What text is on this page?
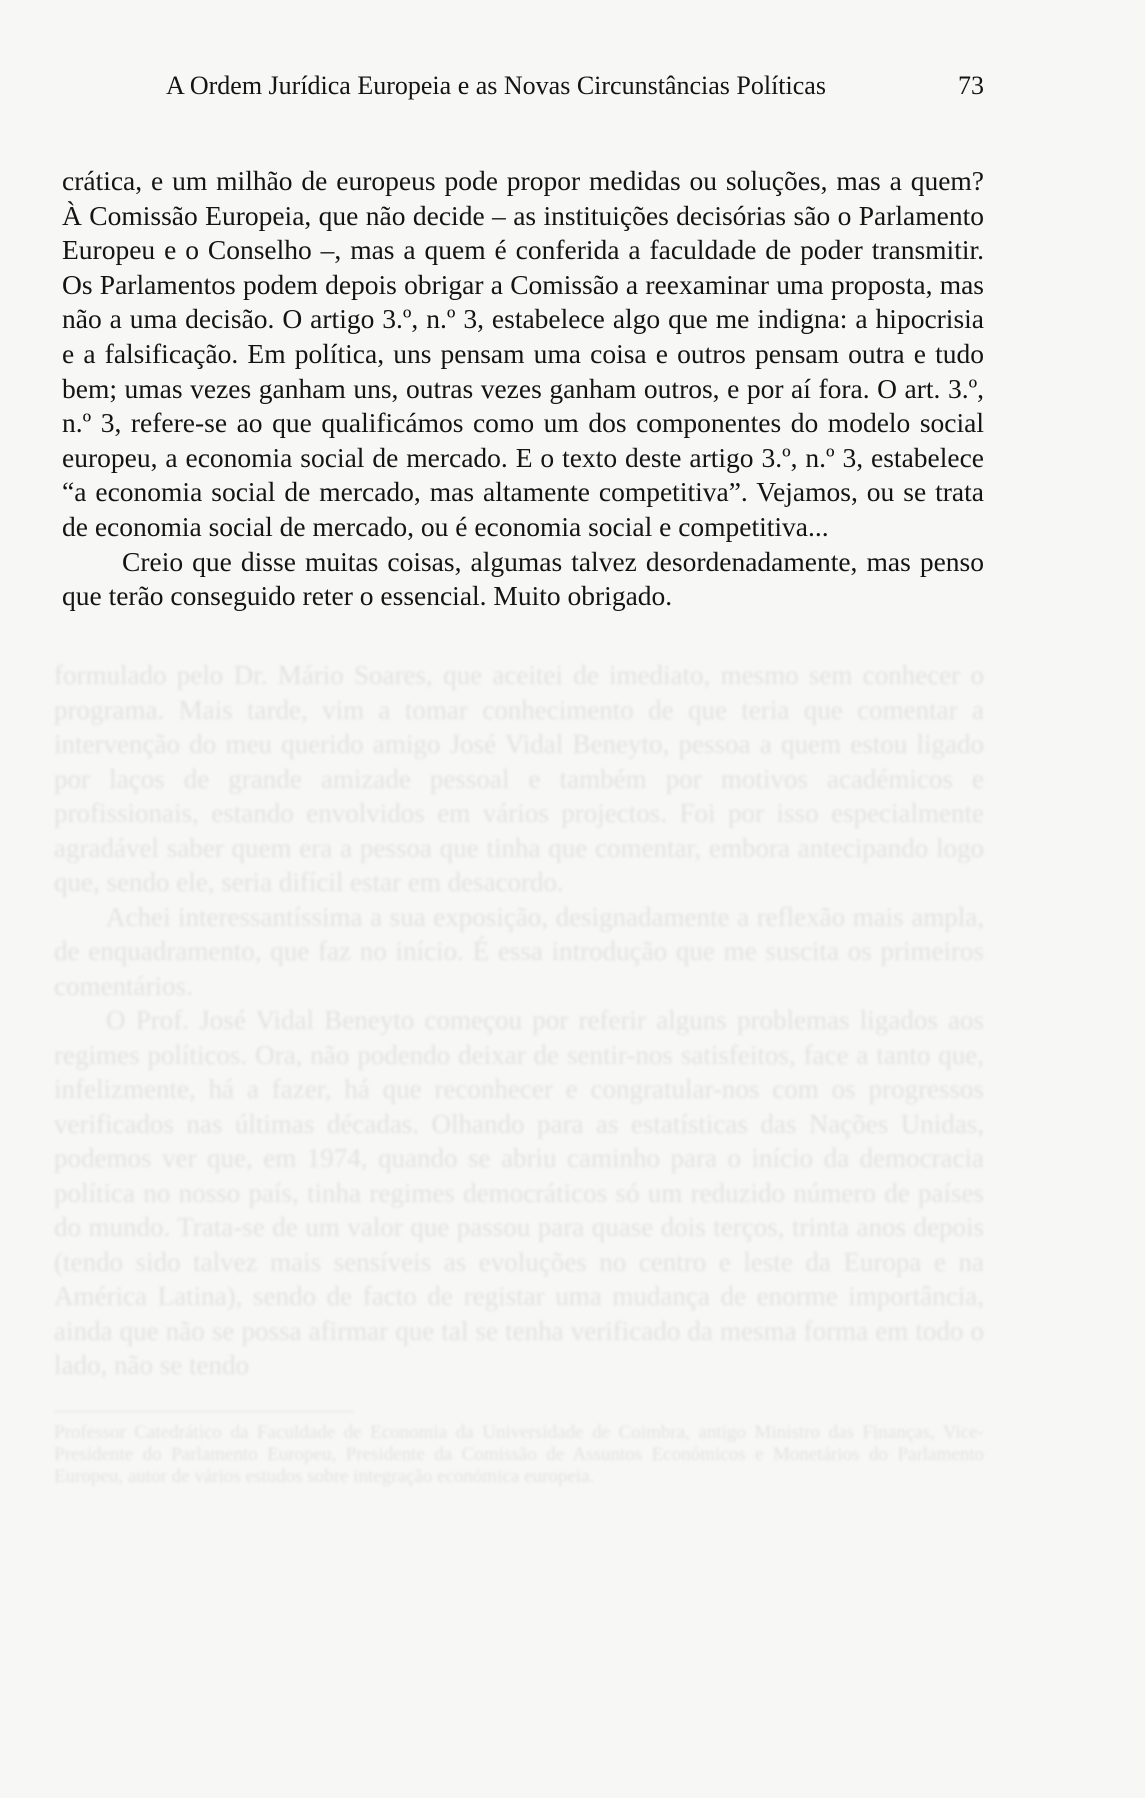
A Ordem Jurídica Europeia e as Novas Circunstâncias Políticas	73

formulado pelo Dr. Mário Soares, que aceitei de imediato, mesmo sem conhecer o programa. Mais tarde, vim a tomar conhecimento de que teria que comentar a intervenção do meu querido amigo José Vidal Beneyto, pessoa a quem estou ligado por laços de grande amizade pessoal e também por motivos académicos e profissionais, estando envolvidos em vários projectos. Foi por isso especialmente agradável saber quem era a pessoa que tinha que comentar, embora antecipando logo que, sendo ele, seria difícil estar em desacordo.

Achei interessantíssima a sua exposição, designadamente a reflexão mais ampla, de enquadramento, que faz no início. É essa introdução que me suscita os primeiros comentários.

O Prof. José Vidal Beneyto começou por referir alguns problemas ligados aos regimes políticos. Ora, não podendo deixar de sentir-nos satisfeitos, face a tanto que, infelizmente, há a fazer, há que reconhecer e congratular-nos com os progressos verificados nas últimas décadas. Olhando para as estatísticas das Nações Unidas, podemos ver que, em 1974, quando se abriu caminho para o início da democracia política no nosso país, tinha regimes democráticos só um reduzido número de países do mundo. Trata-se de um valor que passou para quase dois terços, trinta anos depois (tendo sido talvez mais sensíveis as evoluções no centro e leste da Europa e na América Latina), sendo de facto de registar uma mudança de enorme importância, ainda que não se possa afirmar que tal se tenha verificado da mesma forma em todo o lado, não se tendo

Professor Catedrático da Faculdade de Economia da Universidade de Coimbra, antigo Ministro das Finanças, Vice-Presidente do Parlamento Europeu, Presidente da Comissão de Assuntos Económicos e Monetários do Parlamento Europeu, autor de vários estudos sobre integração económica europeia.

crática, e um milhão de europeus pode propor medidas ou soluções, mas a quem? À Comissão Europeia, que não decide – as instituições decisórias são o Parlamento Europeu e o Conselho –, mas a quem é conferida a faculdade de poder transmitir. Os Parlamentos podem depois obrigar a Comissão a reexaminar uma proposta, mas não a uma decisão. O artigo 3.º, n.º 3, estabelece algo que me indigna: a hipocrisia e a falsificação. Em política, uns pensam uma coisa e outros pensam outra e tudo bem; umas vezes ganham uns, outras vezes ganham outros, e por aí fora. O art. 3.º, n.º 3, refere-se ao que qualificámos como um dos componentes do modelo social europeu, a economia social de mercado. E o texto deste artigo 3.º, n.º 3, estabelece “a economia social de mercado, mas altamente competitiva”. Vejamos, ou se trata de economia social de mercado, ou é economia social e competitiva...

Creio que disse muitas coisas, algumas talvez desordenadamente, mas penso que terão conseguido reter o essencial. Muito obrigado.
